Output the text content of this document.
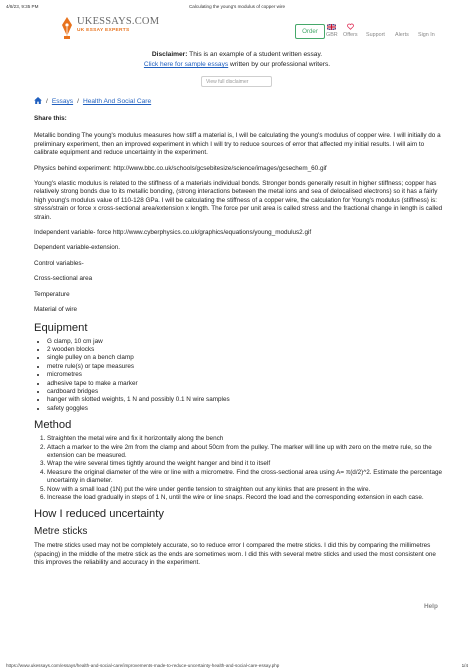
4/8/23, 9:35 PM	Calculating the young's modulus of copper wire
UKESSAYS.COM
UK ESSAY EXPERTS	Order	GBR Offers Support Alerts Sign In
Disclaimer: This is an example of a student written essay.
Click here for sample essays written by our professional writers.
View full disclaimer
/ Essays / Health And Social Care
Share this:

Metallic bonding The young's modulus measures how stiff a material is, I will be calculating the young's modulus of copper wire. I will initially do a preliminary experiment, then an improved experiment in which I will try to reduce sources of error that affected my initial results. I will aim to calibrate equipment and reduce uncertainty in the experiment.

Physics behind experiment: http://www.bbc.co.uk/schools/gcsebitesize/science/images/gcsechem_60.gif

Young's elastic modulus is related to the stiffness of a materials individual bonds. Stronger bonds generally result in higher stiffness; copper has relatively strong bonds due to its metallic bonding, (strong interactions between the metal ions and sea of delocalised electrons) so it has a fairly high young's modulus value of 110-128 GPa. I will be calculating the stiffness of a copper wire, the calculation for Young's modulus (stiffness) is: stress/strain or force x cross-sectional area/extension x length. The force per unit area is called stress and the fractional change in length is called strain.

Independent variable- force http://www.cyberphysics.co.uk/graphics/equations/young_modulus2.gif

Dependent variable-extension.

Control variables-

Cross-sectional area

Temperature

Material of wire

Equipment
• G clamp, 10 cm jaw
• 2 wooden blocks
• single pulley on a bench clamp
• metre rule(s) or tape measures
• micrometres
• adhesive tape to make a marker
• cardboard bridges
• hanger with slotted weights, 1 N and possibly 0.1 N wire samples
• safety goggles
Method
1. Straighten the metal wire and fix it horizontally along the bench
2. Attach a marker to the wire 2m from the clamp and about 50cm from the pulley. The marker will line up with zero on the metre rule, so the extension can be measured.
3. Wrap the wire several times tightly around the weight hanger and bind it to itself
4. Measure the original diameter of the wire or line with a micrometre. Find the cross-sectional area using A= π(d/2)^2. Estimate the percentage uncertainty in diameter.
5. Now with a small load (1N) put the wire under gentle tension to straighten out any kinks that are present in the wire.
6. Increase the load gradually in steps of 1 N, until the wire or line snaps. Record the load and the corresponding extension in each case.
How I reduced uncertainty
Metre sticks

The metre sticks used may not be completely accurate, so to reduce error I compared the metre sticks. I did this by comparing the millimetres (spacing) in the middle of the metre stick as the ends are sometimes worn. I did this with several metre sticks and used the most consistent one this improves the reliability and accuracy in the experiment.

Help
https://www.ukessays.com/essays/health-and-social-care/improvements-made-to-reduce-uncertainty-health-and-social-care-essay.php	1/4
